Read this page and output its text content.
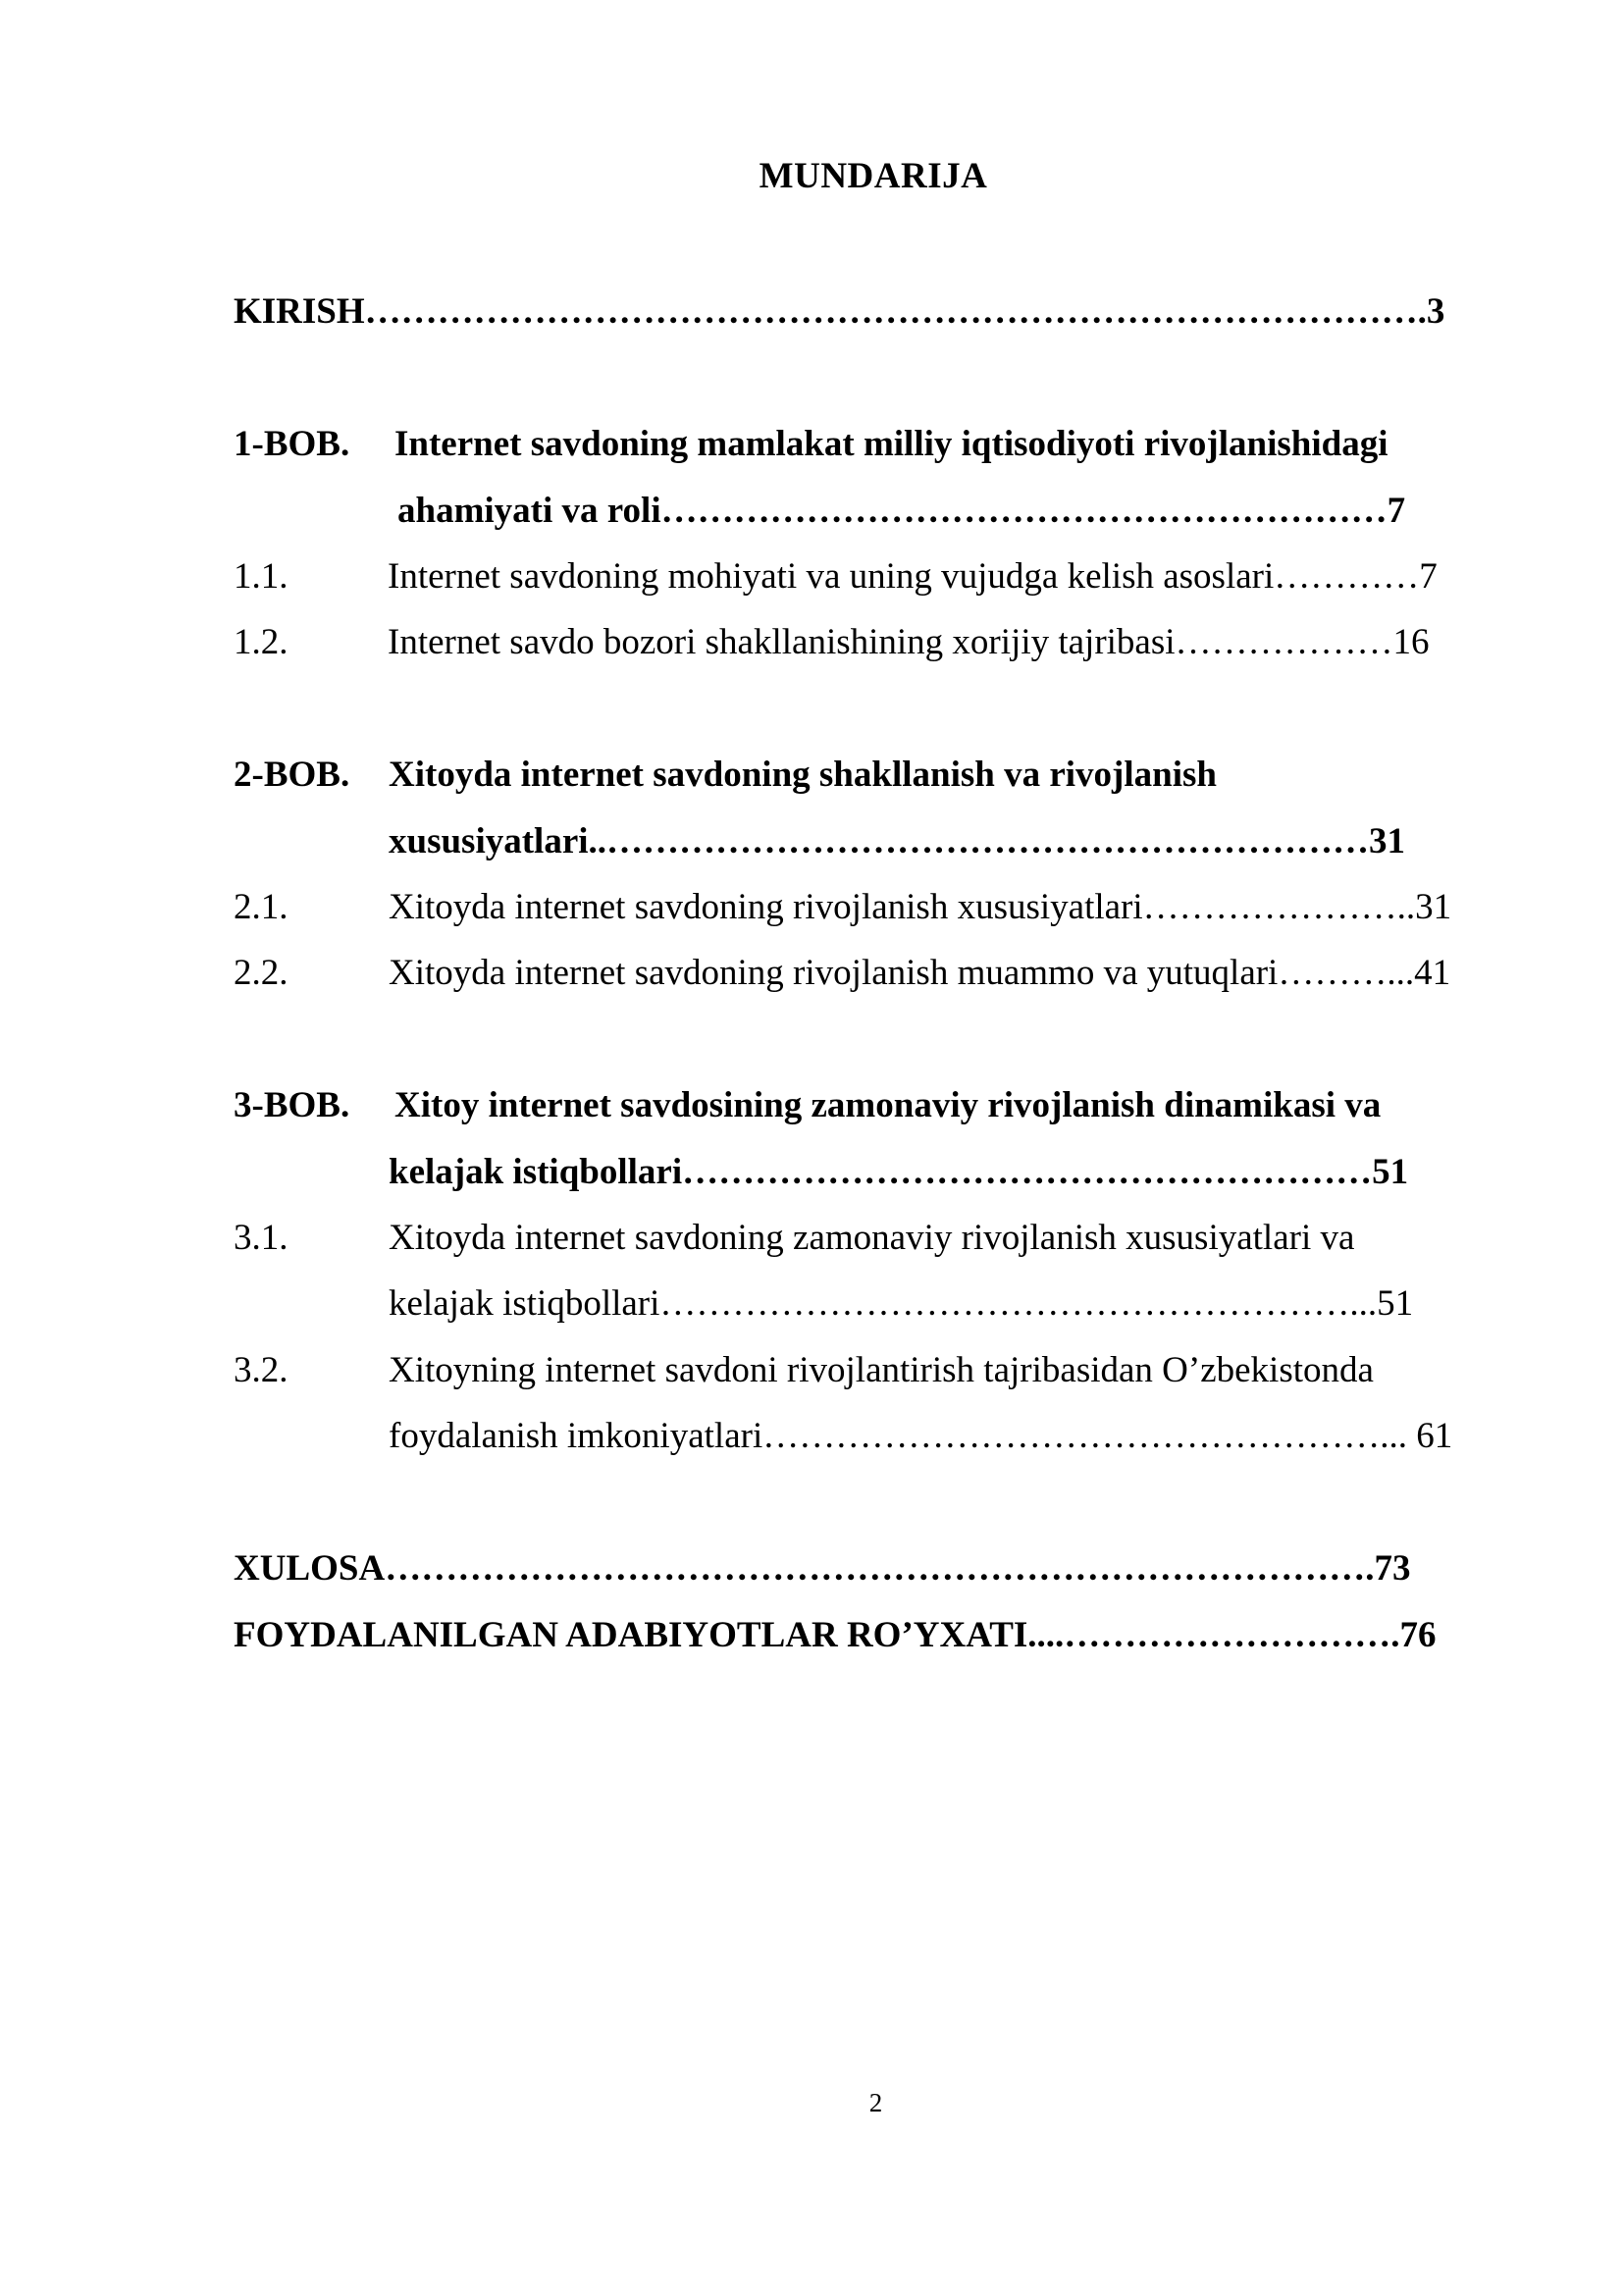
MUNDARIJA
KIRISH…………………………………………………………………………….3
1-BOB. Internet savdoning mamlakat milliy iqtisodiyoti rivojlanishidagi
ahamiyati va roli……………………………………………………7
1.1.	Internet savdoning mohiyati va uning vujudga kelish asoslari…………7
1.2.	Internet savdo bozori shakllanishining xorijiy tajribasi………………16
2-BOB. Xitoyda internet savdoning shakllanish va rivojlanish
xususiyatlari..………………………………………………………31
2.1.	Xitoyda internet savdoning rivojlanish xususiyatlari…………………..31
2.2.	Xitoyda internet savdoning rivojlanish muammo va yutuqlari………...41
3-BOB. Xitoy internet savdosining zamonaviy rivojlanish dinamikasi va
kelajak istiqbollari…………………………………………………51
3.1.	Xitoyda internet savdoning zamonaviy rivojlanish xususiyatlari va
kelajak istiqbollari…………………………………………………...51
3.2.	Xitoyning internet savdoni rivojlantirish tajribasidan O’zbekistonda
foydalanish imkoniyatlari……………………………………………... 61
XULOSA……………………………………………………………………….73
FOYDALANILGAN ADABIYOTLAR RO’YXATI....……………………….76
2
